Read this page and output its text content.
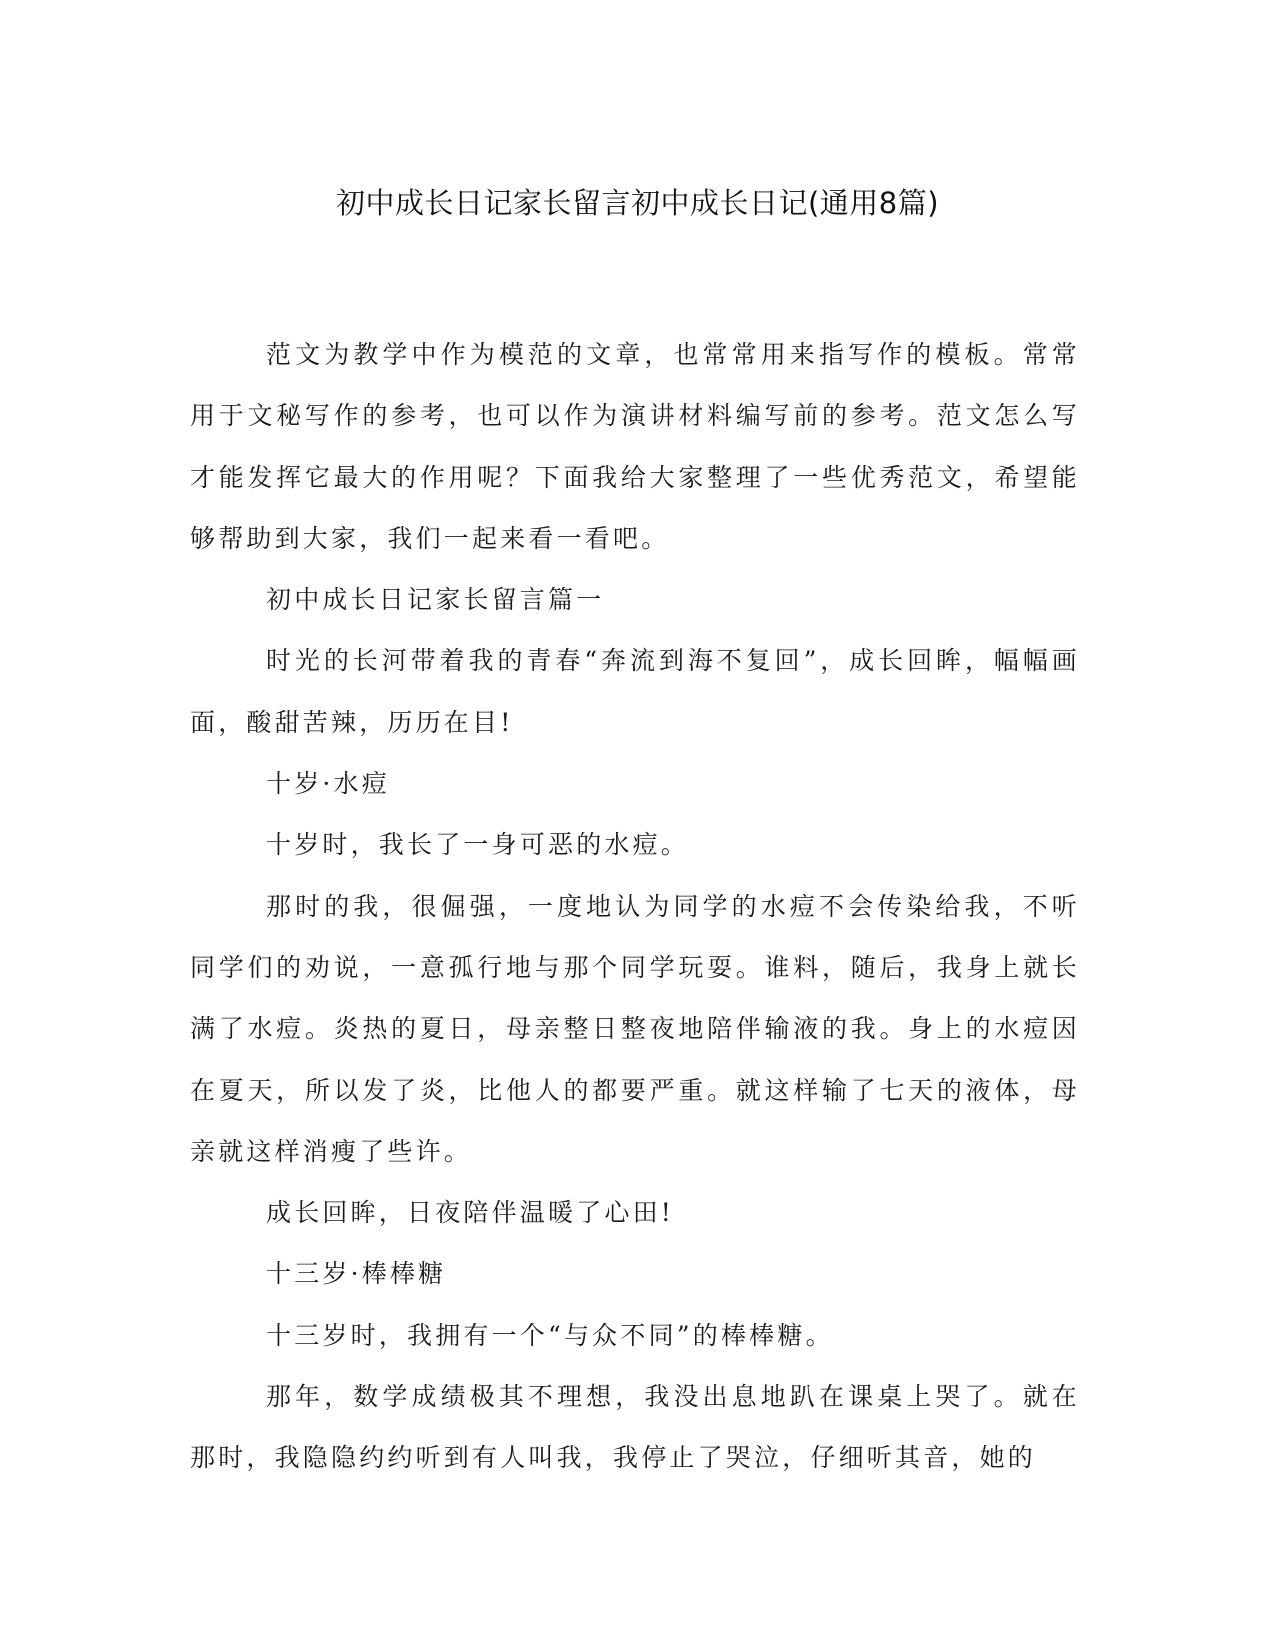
初中成长日记家长留言初中成长日记(通用8篇)

范文为教学中作为模范的文章，也常常用来指写作的模板。常常用于文秘写作的参考，也可以作为演讲材料编写前的参考。范文怎么写才能发挥它最大的作用呢？下面我给大家整理了一些优秀范文，希望能够帮助到大家，我们一起来看一看吧。

初中成长日记家长留言篇一

时光的长河带着我的青春“奔流到海不复回”，成长回眸，幅幅画面，酸甜苦辣，历历在目!

十岁·水痘

十岁时，我长了一身可恶的水痘。

那时的我，很倔强，一度地认为同学的水痘不会传染给我，不听同学们的劝说，一意孤行地与那个同学玩耍。谁料，随后，我身上就长满了水痘。炎热的夏日，母亲整日整夜地陪伴输液的我。身上的水痘因在夏天，所以发了炎，比他人的都要严重。就这样输了七天的液体，母亲就这样消瘦了些许。

成长回眸，日夜陪伴温暖了心田!

十三岁·棒棒糖

十三岁时，我拥有一个“与众不同”的棒棒糖。

那年，数学成绩极其不理想，我没出息地趴在课桌上哭了。就在那时，我隐隐约约听到有人叫我，我停止了哭泣，仔细听其音，她的
